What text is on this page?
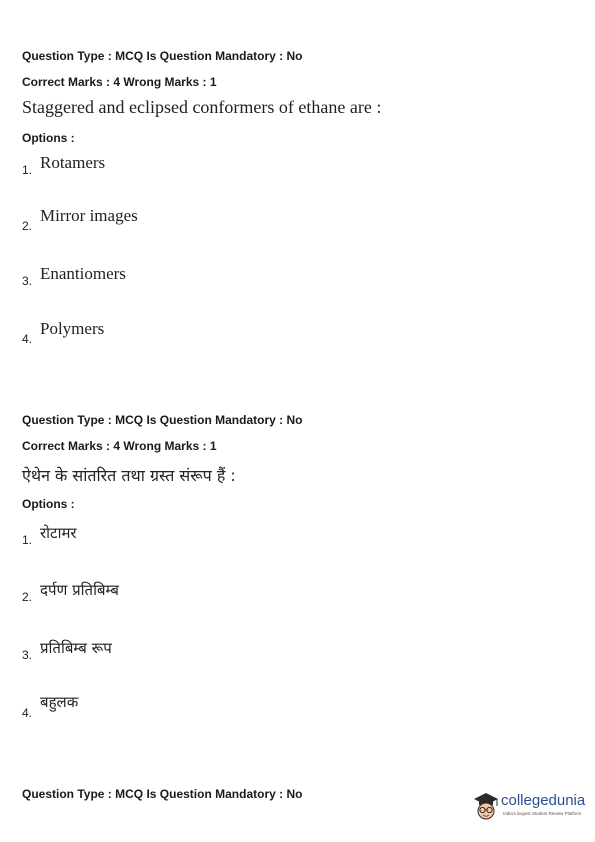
Question Type : MCQ Is Question Mandatory : No
Correct Marks : 4 Wrong Marks : 1
Staggered and eclipsed conformers of ethane are :
Options :
1. Rotamers
2.
Mirror images
3. Enantiomers
4.
Polymers
Question Type : MCQ Is Question Mandatory : No
Correct Marks : 4 Wrong Marks : 1
ऐथेन के सांतरित तथा ग्रस्त संरूप हैं :
Options :
1. रोटामर
2. दर्पण प्रतिबिम्ब
3. प्रतिबिम्ब रूप
4.
बहुलक
Question Type : MCQ Is Question Mandatory : No	collegedunia
India's largest Student Review Platform
